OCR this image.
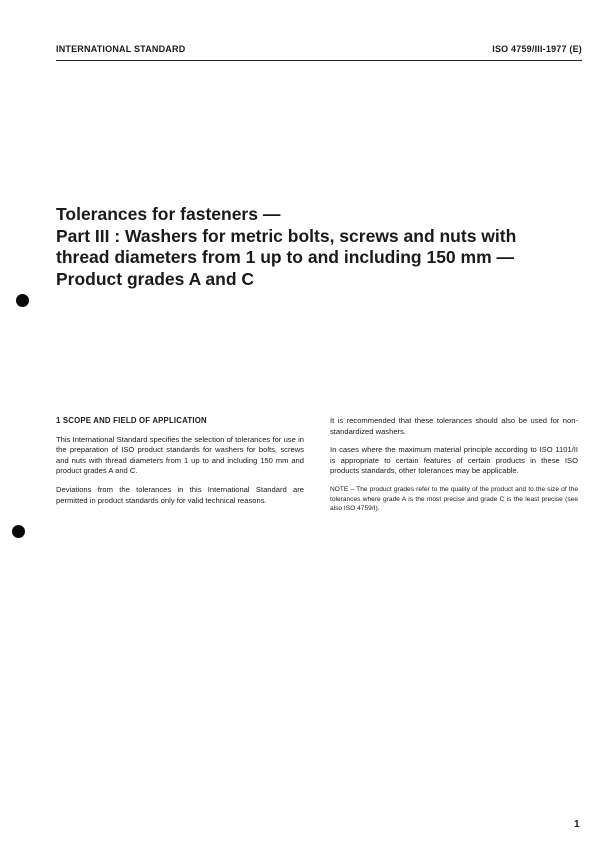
INTERNATIONAL STANDARD	ISO 4759/III-1977 (E)
Tolerances for fasteners —
Part III : Washers for metric bolts, screws and nuts with
thread diameters from 1 up to and including 150 mm —
Product grades A and C
1 SCOPE AND FIELD OF APPLICATION

This International Standard specifies the selection of tolerances for use in the preparation of ISO product standards for washers for bolts, screws and nuts with thread diameters from 1 up to and including 150 mm and product grades A and C.

Deviations from the tolerances in this International Standard are permitted in product standards only for valid technical reasons.

It is recommended that these tolerances should also be used for non-standardized washers.

In cases where the maximum material principle according to ISO 1101/II is appropriate to certain features of certain products in these ISO products standards, other tolerances may be applicable.

NOTE – The product grades refer to the quality of the product and to the size of the tolerances where grade A is the most precise and grade C is the least precise (see also ISO 4759/I).

1
